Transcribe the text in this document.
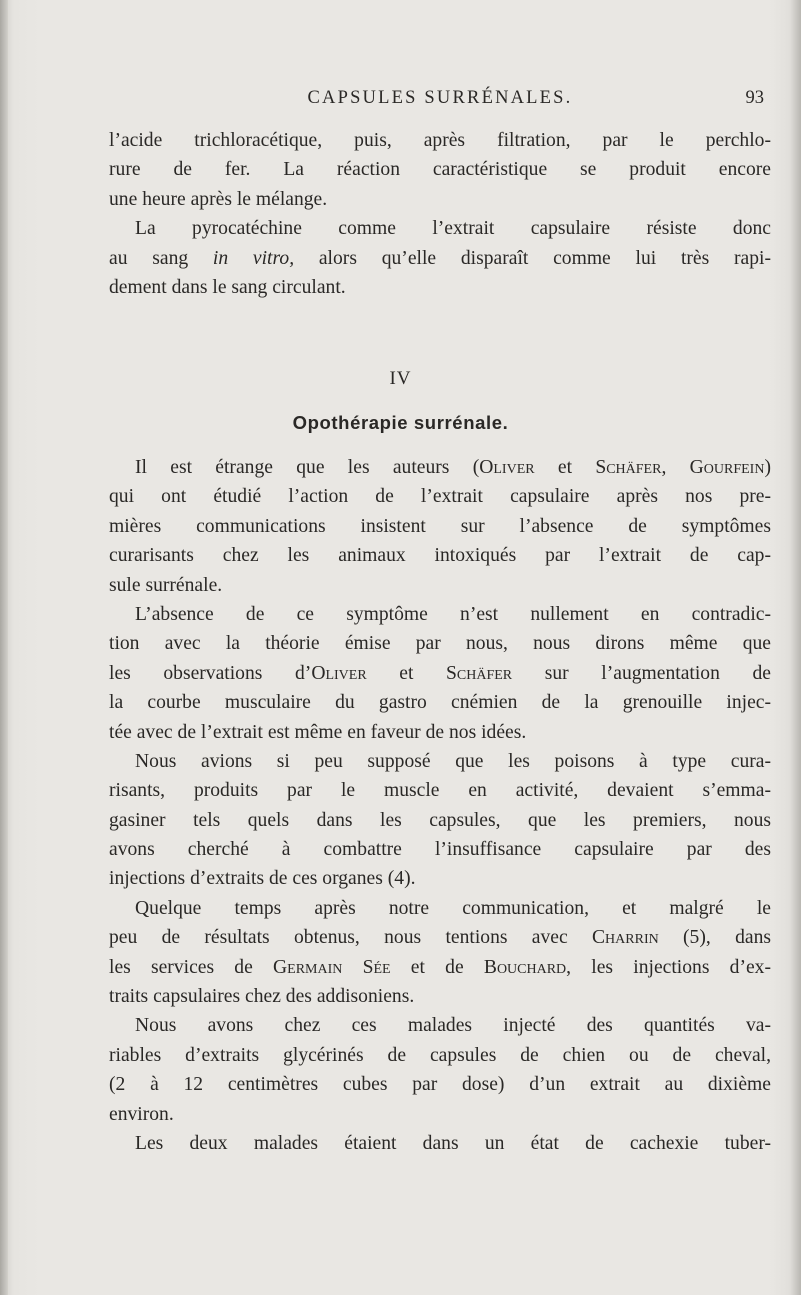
CAPSULES SURRÉNALES.	93
l’acide trichloracétique, puis, après filtration, par le perchlo-
rure de fer. La réaction caractéristique se produit encore
une heure après le mélange.
La pyrocatéchine comme l’extrait capsulaire résiste donc
au sang in vitro, alors qu’elle disparaît comme lui très rapi-
dement dans le sang circulant.
IV
Opothérapie surrénale.
Il est étrange que les auteurs (Oliver et Schäfer, Gourfein)
qui ont étudié l’action de l’extrait capsulaire après nos pre-
mières communications insistent sur l’absence de symptômes
curarisants chez les animaux intoxiqués par l’extrait de cap-
sule surrénale.
L’absence de ce symptôme n’est nullement en contradic-
tion avec la théorie émise par nous, nous dirons même que
les observations d’Oliver et Schäfer sur l’augmentation de
la courbe musculaire du gastro cnémien de la grenouille injec-
tée avec de l’extrait est même en faveur de nos idées.
Nous avions si peu supposé que les poisons à type cura-
risants, produits par le muscle en activité, devaient s’emma-
gasiner tels quels dans les capsules, que les premiers, nous
avons cherché à combattre l’insuffisance capsulaire par des
injections d’extraits de ces organes (4).
Quelque temps après notre communication, et malgré le
peu de résultats obtenus, nous tentions avec Charrin (5), dans
les services de Germain Sée et de Bouchard, les injections d’ex-
traits capsulaires chez des addisoniens.
Nous avons chez ces malades injecté des quantités va-
riables d’extraits glycérinés de capsules de chien ou de cheval,
(2 à 12 centimètres cubes par dose) d’un extrait au dixième
environ.
Les deux malades étaient dans un état de cachexie tuber-
